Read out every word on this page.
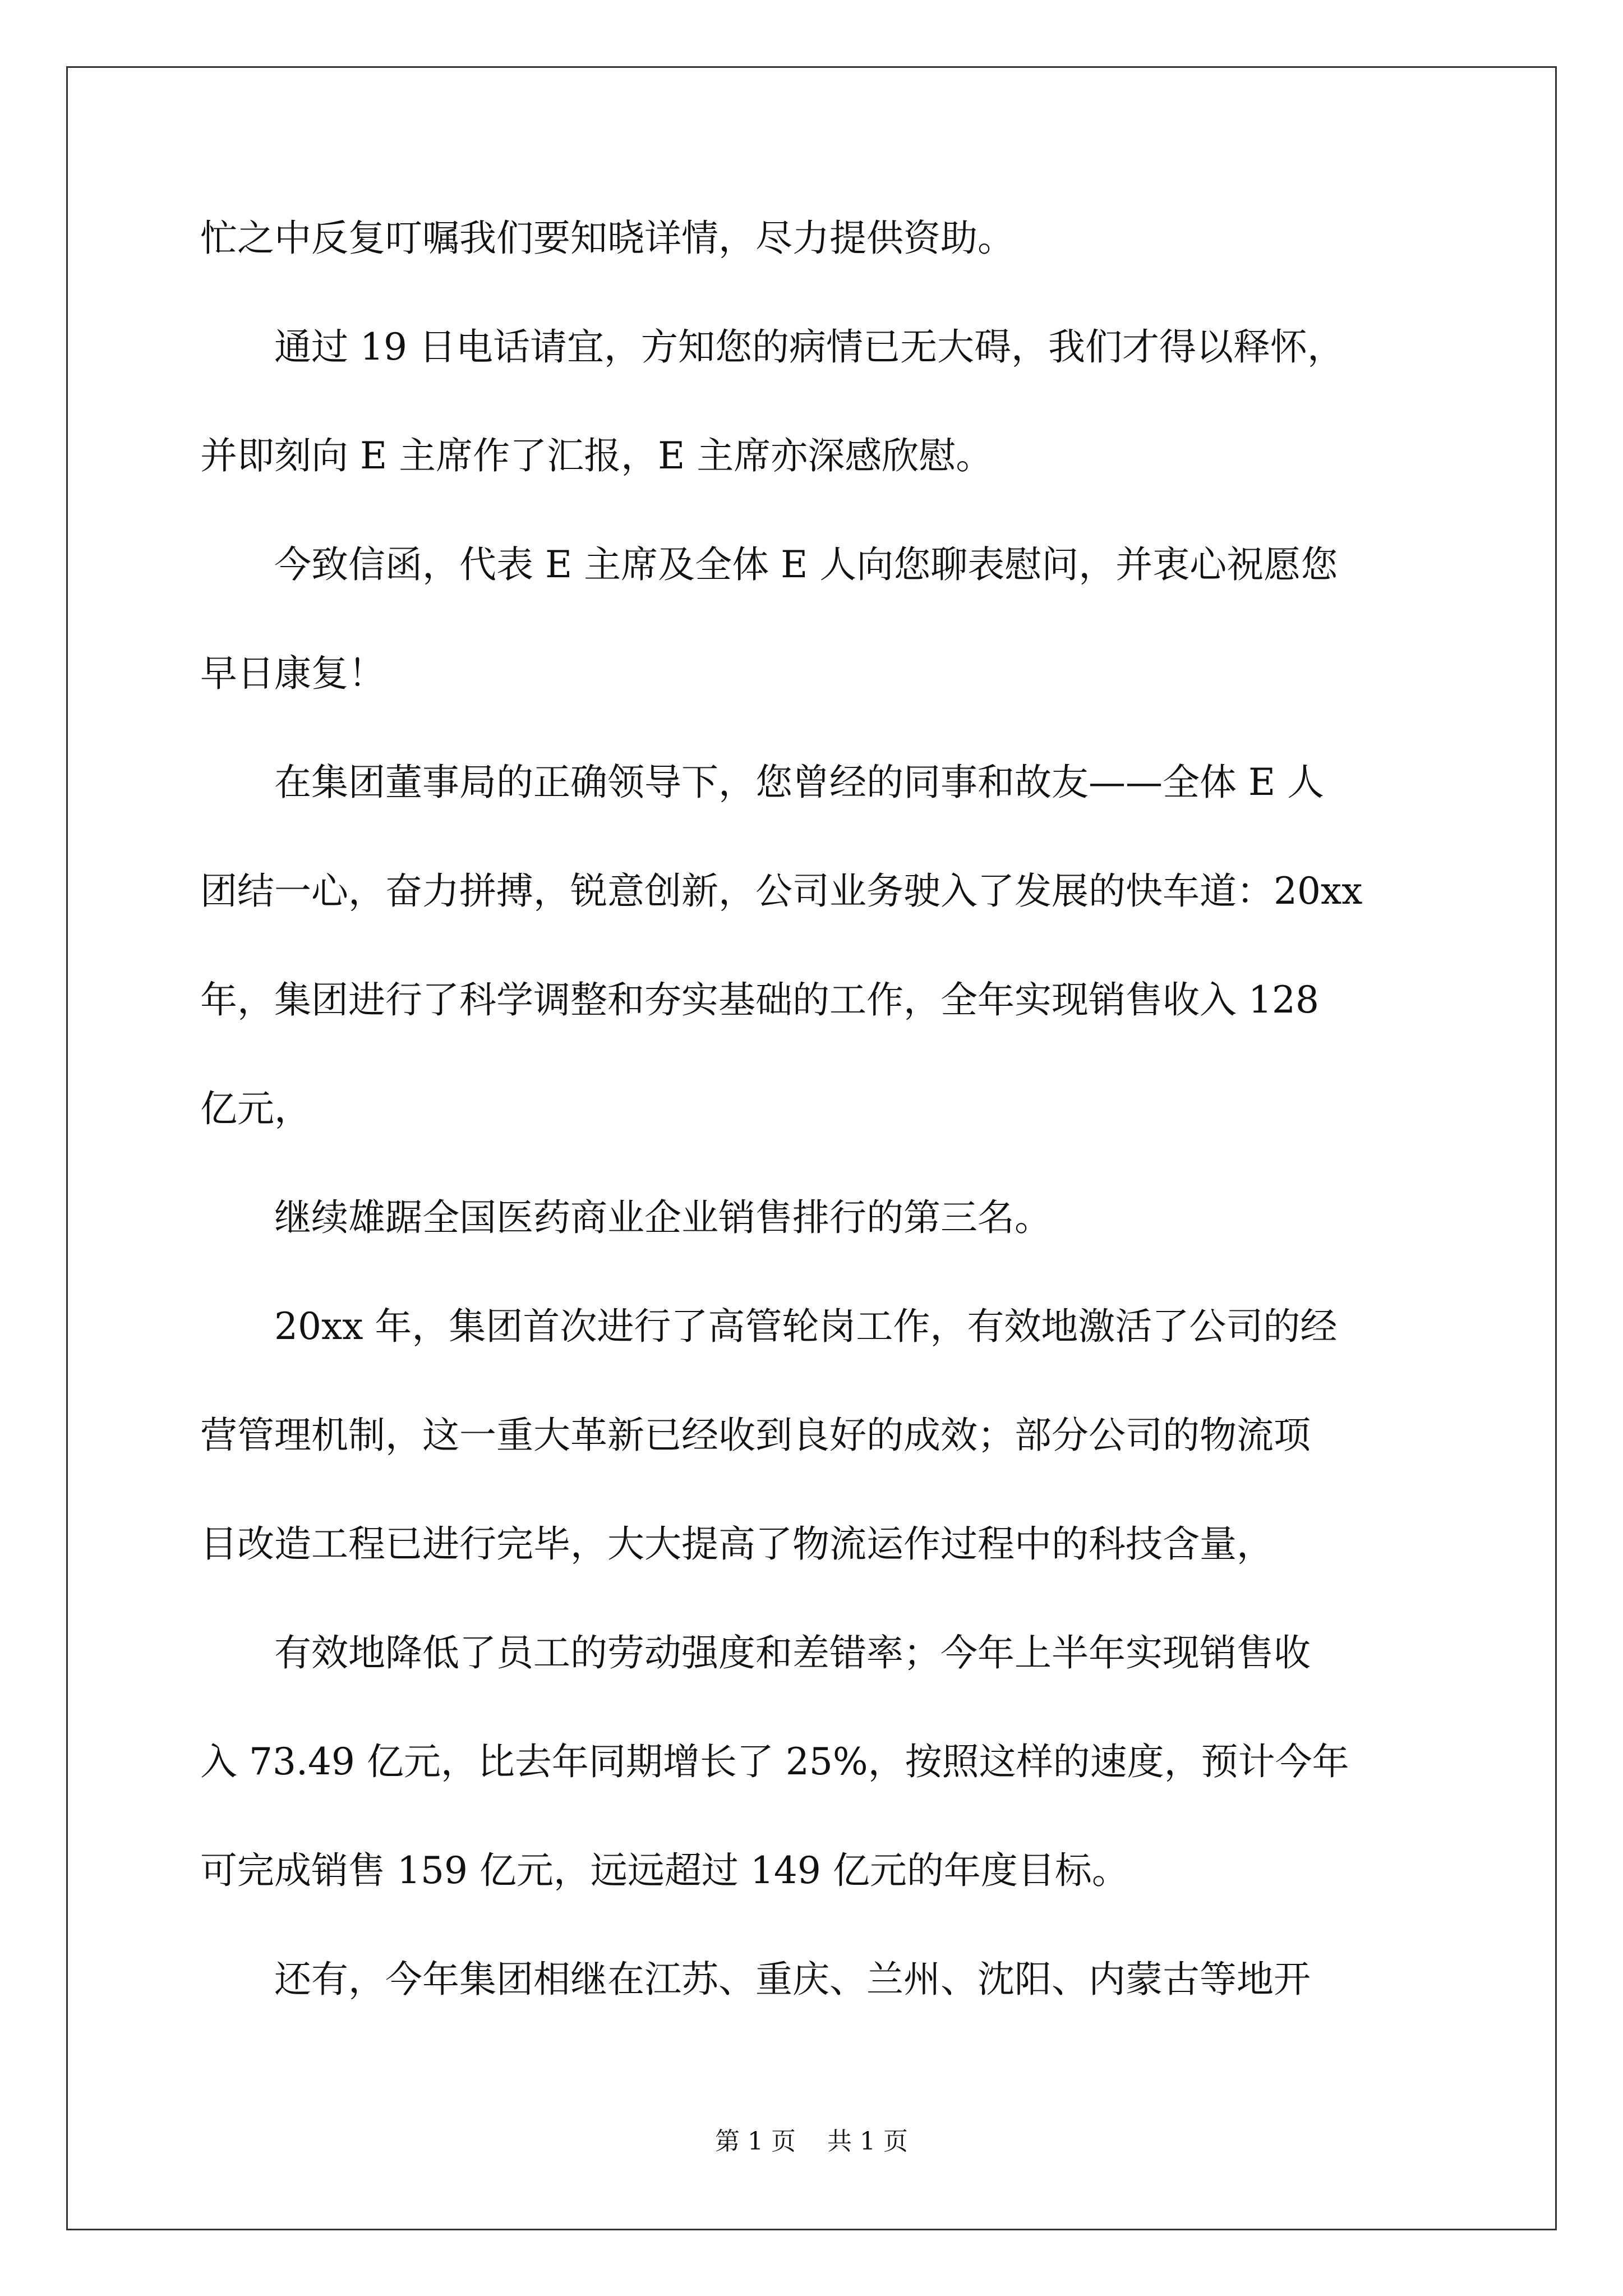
忙之中反复叮嘱我们要知晓详情，尽力提供资助。
　　通过 19 日电话请宜，方知您的病情已无大碍，我们才得以释怀，
并即刻向 E 主席作了汇报，E 主席亦深感欣慰。
　　今致信函，代表 E 主席及全体 E 人向您聊表慰问，并衷心祝愿您
早日康复！
　　在集团董事局的正确领导下，您曾经的同事和故友——全体 E 人
团结一心，奋力拼搏，锐意创新，公司业务驶入了发展的快车道：20xx
年，集团进行了科学调整和夯实基础的工作，全年实现销售收入 128
亿元，
　　继续雄踞全国医药商业企业销售排行的第三名。
　　20xx 年，集团首次进行了高管轮岗工作，有效地激活了公司的经
营管理机制，这一重大革新已经收到良好的成效；部分公司的物流项
目改造工程已进行完毕，大大提高了物流运作过程中的科技含量，
　　有效地降低了员工的劳动强度和差错率；今年上半年实现销售收
入 73.49 亿元，比去年同期增长了 25%，按照这样的速度，预计今年
可完成销售 159 亿元，远远超过 149 亿元的年度目标。
　　还有，今年集团相继在江苏、重庆、兰州、沈阳、内蒙古等地开
第 1 页 共 1 页
